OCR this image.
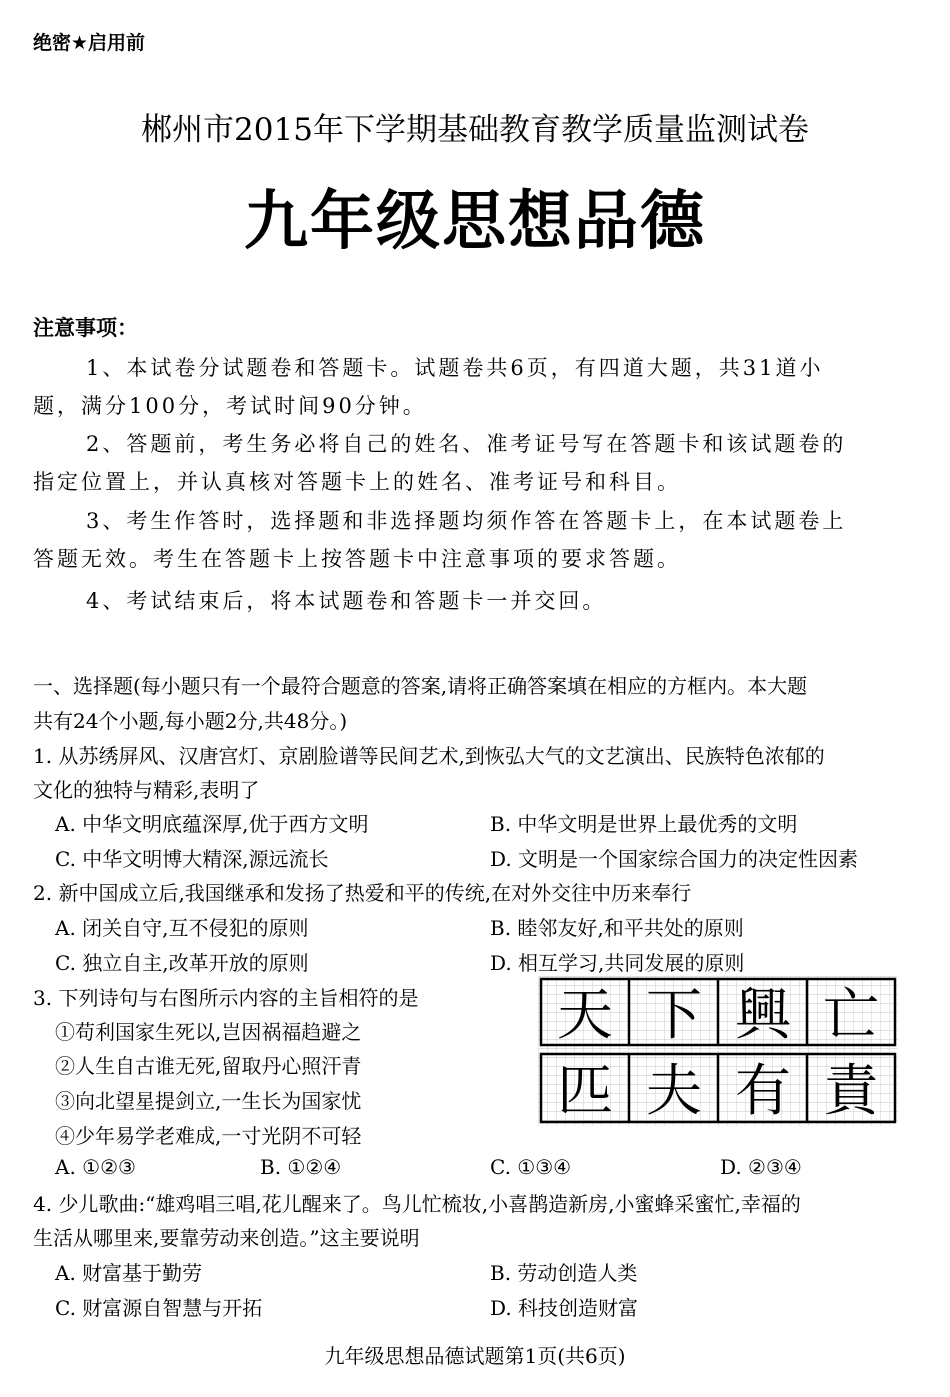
绝密★启用前
郴州市2015年下学期基础教育教学质量监测试卷
九年级思想品德
注意事项：
1、本试卷分试题卷和答题卡。试题卷共6页，有四道大题，共31道小
题，满分100分，考试时间90分钟。
2、答题前，考生务必将自己的姓名、准考证号写在答题卡和该试题卷的
指定位置上，并认真核对答题卡上的姓名、准考证号和科目。
3、考生作答时，选择题和非选择题均须作答在答题卡上，在本试题卷上
答题无效。考生在答题卡上按答题卡中注意事项的要求答题。
4、考试结束后，将本试题卷和答题卡一并交回。
一、选择题(每小题只有一个最符合题意的答案,请将正确答案填在相应的方框内。本大题
共有24个小题,每小题2分,共48分。)
1. 从苏绣屏风、汉唐宫灯、京剧脸谱等民间艺术,到恢弘大气的文艺演出、民族特色浓郁的
文化的独特与精彩,表明了
A. 中华文明底蕴深厚,优于西方文明	B. 中华文明是世界上最优秀的文明
C. 中华文明博大精深,源远流长	D. 文明是一个国家综合国力的决定性因素
2. 新中国成立后,我国继承和发扬了热爱和平的传统,在对外交往中历来奉行
A. 闭关自守,互不侵犯的原则	B. 睦邻友好,和平共处的原则
C. 独立自主,改革开放的原则	D. 相互学习,共同发展的原则
3. 下列诗句与右图所示内容的主旨相符的是
①苟利国家生死以,岂因祸福趋避之
②人生自古谁无死,留取丹心照汗青
③向北望星提剑立,一生长为国家忧
④少年易学老难成,一寸光阴不可轻
A. ①②③	B. ①②④	C. ①③④	D. ②③④
天 下 興 亡
匹 夫 有 責
4. 少儿歌曲:“雄鸡唱三唱,花儿醒来了。鸟儿忙梳妆,小喜鹊造新房,小蜜蜂采蜜忙,幸福的
生活从哪里来,要靠劳动来创造。”这主要说明
A. 财富基于勤劳	B. 劳动创造人类
C. 财富源自智慧与开拓	D. 科技创造财富
九年级思想品德试题第1页(共6页)
